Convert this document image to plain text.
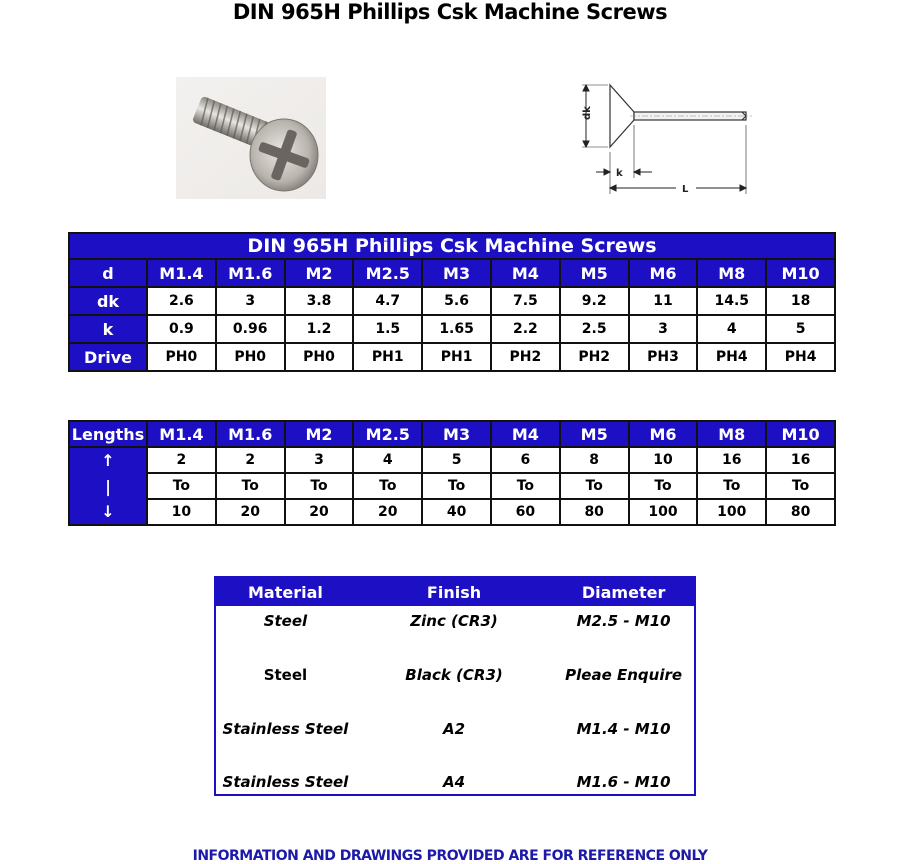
DIN 965H Phillips Csk Machine Screws
dk
k
L
DIN 965H Phillips Csk Machine Screws										
d	M1.4	M1.6	M2	M2.5	M3	M4	M5	M6	M8	M10
dk	2.6	3	3.8	4.7	5.6	7.5	9.2	11	14.5	18
k	0.9	0.96	1.2	1.5	1.65	2.2	2.5	3	4	5
Drive	PH0	PH0	PH0	PH1	PH1	PH2	PH2	PH3	PH4	PH4
Lengths	M1.4	M1.6	M2	M2.5	M3	M4	M5	M6	M8	M10
↑	2	2	3	4	5	6	8	10	16	16
|	To	To	To	To	To	To	To	To	To	To
↓	10	20	20	20	40	60	80	100	100	80
Material	Finish	Diameter
Steel	Zinc (CR3)	M2.5 - M10
Steel	Black (CR3)	Pleae Enquire
Stainless Steel	A2	M1.4 - M10
Stainless Steel	A4	M1.6 - M10
INFORMATION AND DRAWINGS PROVIDED ARE FOR REFERENCE ONLY
